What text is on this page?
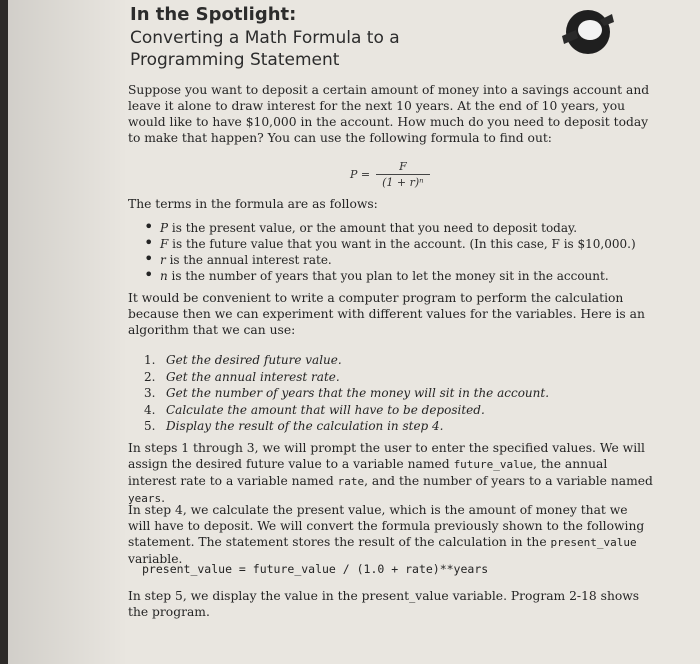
In the Spotlight:

Converting a Math Formula to a Programming Statement

Suppose you want to deposit a certain amount of money into a savings account and leave it alone to draw interest for the next 10 years. At the end of 10 years, you would like to have $10,000 in the account. How much do you need to deposit today to make that happen? You can use the following formula to find out:

$P = \frac{F}{\text{(1 + r)ⁿ}}$

The terms in the formula are as follows:

• P is the present value, or the amount that you need to deposit today.
• F is the future value that you want in the account. (In this case, F is $10,000.)
• r is the annual interest rate.
• n is the number of years that you plan to let the money sit in the account.

It would be convenient to write a computer program to perform the calculation because then we can experiment with different values for the variables. Here is an algorithm that we can use:

1. Get the desired future value.
2. Get the annual interest rate.
3. Get the number of years that the money will sit in the account.
4. Calculate the amount that will have to be deposited.
5. Display the result of the calculation in step 4.

In steps 1 through 3, we will prompt the user to enter the specified values. We will assign the desired future value to a variable named future_value, the annual interest rate to a variable named rate, and the number of years to a variable named years.

In step 4, we calculate the present value, which is the amount of money that we will have to deposit. We will convert the formula previously shown to the following statement. The statement stores the result of the calculation in the present_value variable.

present_value = future_value / (1.0 + rate)**years

In step 5, we display the value in the present_value variable. Program 2-18 shows the program.
